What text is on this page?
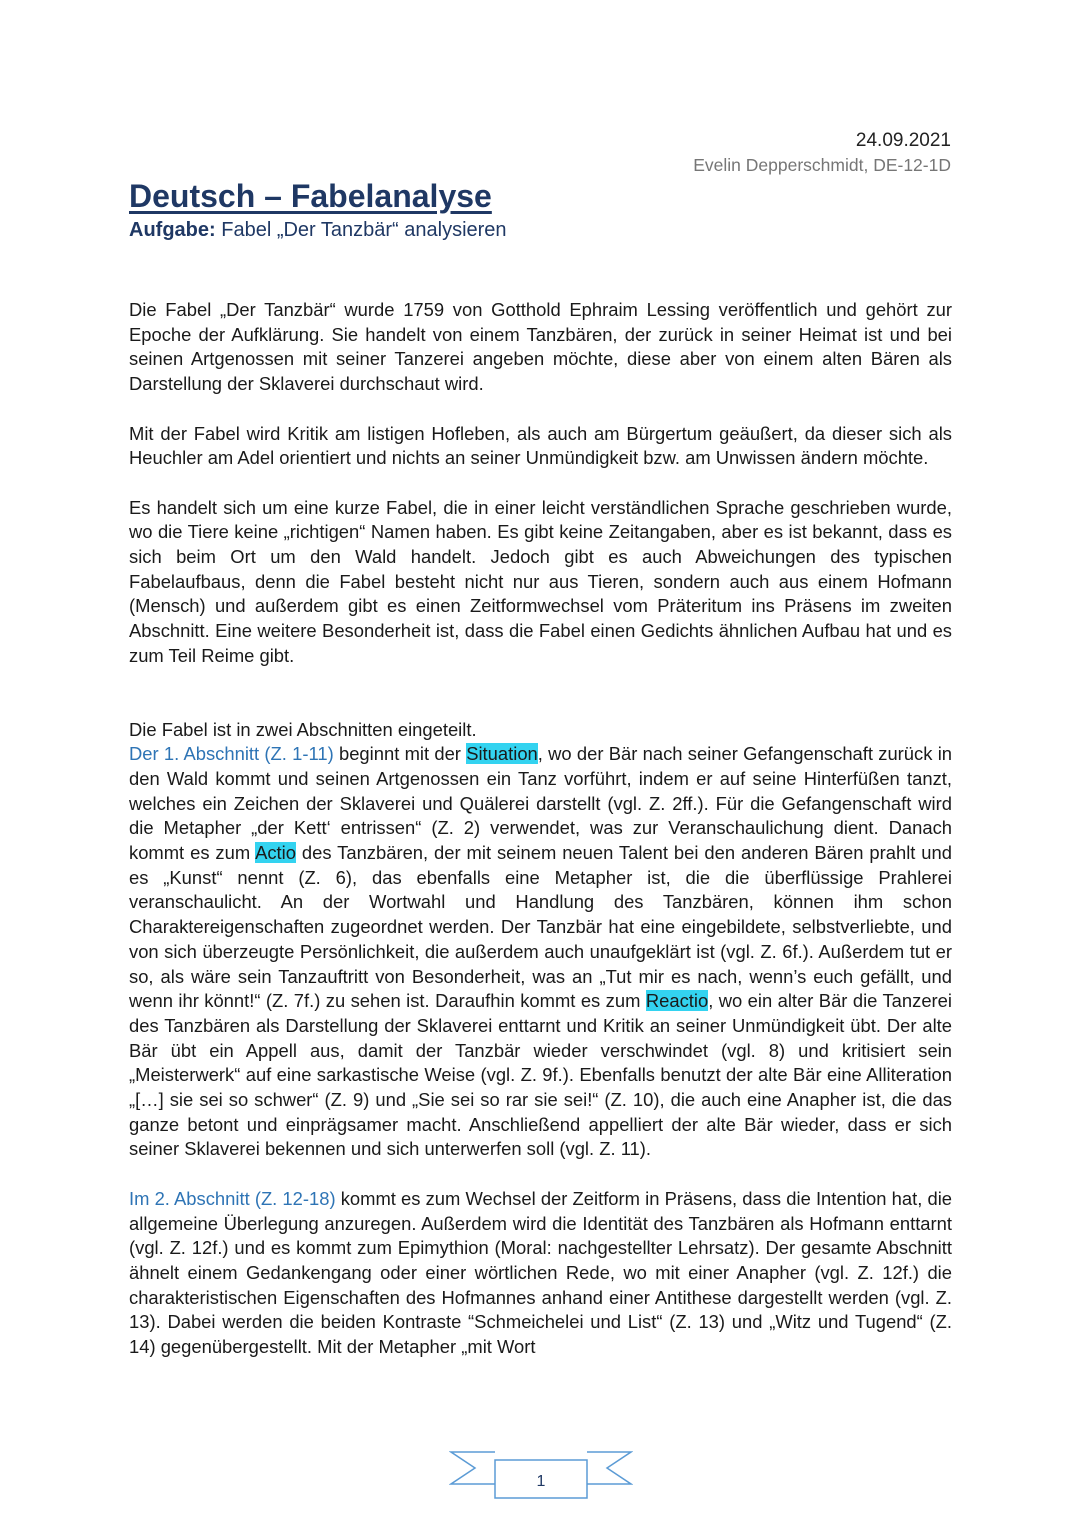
24.09.2021
Evelin Depperschmidt, DE-12-1D
Deutsch – Fabelanalyse
Aufgabe: Fabel „Der Tanzbär“ analysieren

Die Fabel „Der Tanzbär“ wurde 1759 von Gotthold Ephraim Lessing veröffentlich und gehört zur Epoche der Aufklärung. Sie handelt von einem Tanzbären, der zurück in seiner Heimat ist und bei seinen Artgenossen mit seiner Tanzerei angeben möchte, diese aber von einem alten Bären als Darstellung der Sklaverei durchschaut wird.

Mit der Fabel wird Kritik am listigen Hofleben, als auch am Bürgertum geäußert, da dieser sich als Heuchler am Adel orientiert und nichts an seiner Unmündigkeit bzw. am Unwissen ändern möchte.

Es handelt sich um eine kurze Fabel, die in einer leicht verständlichen Sprache geschrieben wurde, wo die Tiere keine „richtigen“ Namen haben. Es gibt keine Zeitangaben, aber es ist bekannt, dass es sich beim Ort um den Wald handelt. Jedoch gibt es auch Abweichungen des typischen Fabelaufbaus, denn die Fabel besteht nicht nur aus Tieren, sondern auch aus einem Hofmann (Mensch) und außerdem gibt es einen Zeitformwechsel vom Präteritum ins Präsens im zweiten Abschnitt. Eine weitere Besonderheit ist, dass die Fabel einen Gedichts ähnlichen Aufbau hat und es zum Teil Reime gibt.

Die Fabel ist in zwei Abschnitten eingeteilt.

Der 1. Abschnitt (Z. 1-11) beginnt mit der Situation, wo der Bär nach seiner Gefangenschaft zurück in den Wald kommt und seinen Artgenossen ein Tanz vorführt, indem er auf seine Hinterfüßen tanzt, welches ein Zeichen der Sklaverei und Quälerei darstellt (vgl. Z. 2ff.). Für die Gefangenschaft wird die Metapher „der Kett‘ entrissen“ (Z. 2) verwendet, was zur Veranschaulichung dient. Danach kommt es zum Actio des Tanzbären, der mit seinem neuen Talent bei den anderen Bären prahlt und es „Kunst“ nennt (Z. 6), das ebenfalls eine Metapher ist, die die überflüssige Prahlerei veranschaulicht. An der Wortwahl und Handlung des Tanzbären, können ihm schon Charaktereigenschaften zugeordnet werden. Der Tanzbär hat eine eingebildete, selbstverliebte, und von sich überzeugte Persönlichkeit, die außerdem auch unaufgeklärt ist (vgl. Z. 6f.). Außerdem tut er so, als wäre sein Tanzauftritt von Besonderheit, was an „Tut mir es nach, wenn’s euch gefällt, und wenn ihr könnt!“ (Z. 7f.) zu sehen ist. Daraufhin kommt es zum Reactio, wo ein alter Bär die Tanzerei des Tanzbären als Darstellung der Sklaverei enttarnt und Kritik an seiner Unmündigkeit übt. Der alte Bär übt ein Appell aus, damit der Tanzbär wieder verschwindet (vgl. 8) und kritisiert sein „Meisterwerk“ auf eine sarkastische Weise (vgl. Z. 9f.). Ebenfalls benutzt der alte Bär eine Alliteration „[…] sie sei so schwer“ (Z. 9) und „Sie sei so rar sie sei!“ (Z. 10), die auch eine Anapher ist, die das ganze betont und einprägsamer macht. Anschließend appelliert der alte Bär wieder, dass er sich seiner Sklaverei bekennen und sich unterwerfen soll (vgl. Z. 11).

Im 2. Abschnitt (Z. 12-18) kommt es zum Wechsel der Zeitform in Präsens, dass die Intention hat, die allgemeine Überlegung anzuregen. Außerdem wird die Identität des Tanzbären als Hofmann enttarnt (vgl. Z. 12f.) und es kommt zum Epimythion (Moral: nachgestellter Lehrsatz). Der gesamte Abschnitt ähnelt einem Gedankengang oder einer wörtlichen Rede, wo mit einer Anapher (vgl. Z. 12f.) die charakteristischen Eigenschaften des Hofmannes anhand einer Antithese dargestellt werden (vgl. Z. 13). Dabei werden die beiden Kontraste “Schmeichelei und List“ (Z. 13) und „Witz und Tugend“ (Z. 14) gegenübergestellt. Mit der Metapher „mit Wort

1
